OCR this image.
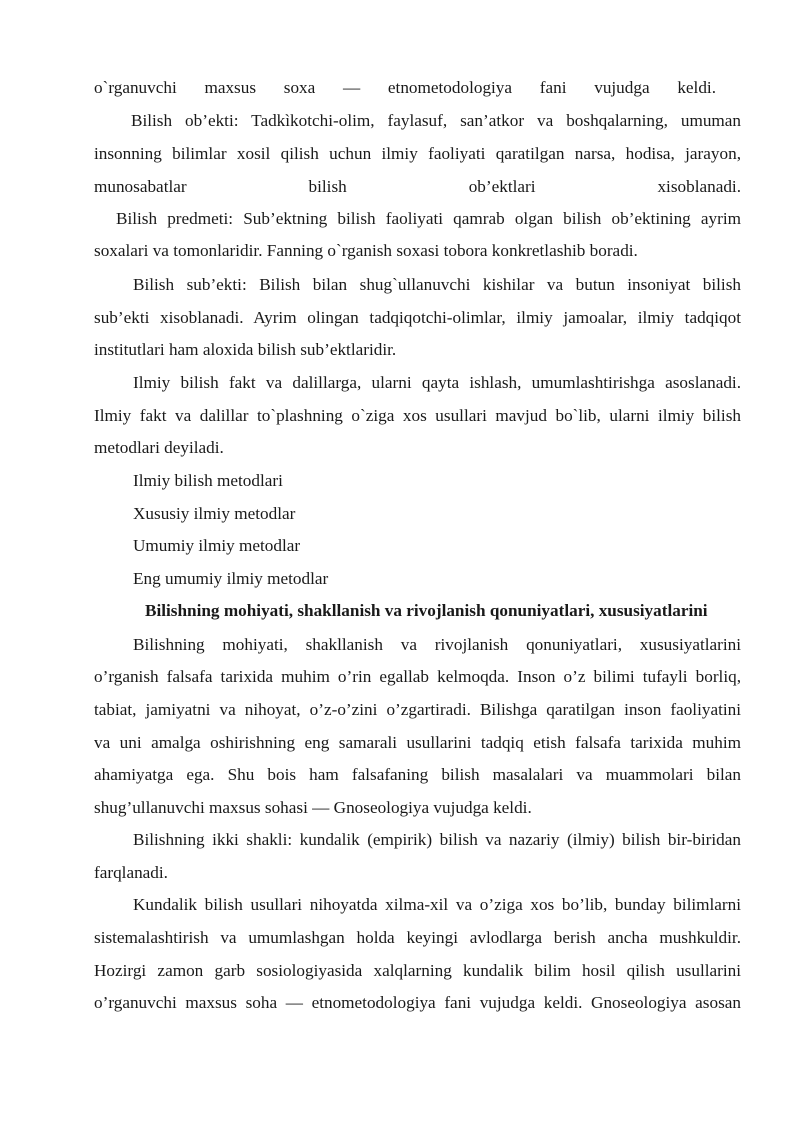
o`rganuvchi maxsus soxa — etnometodologiya fani vujudga keldi.
Bilish ob’ekti: Tadkìkotchi-olim, faylasuf, san’atkor va boshqalarning, umuman
insonning bilimlar xosil qilish uchun ilmiy faoliyati qaratilgan narsa, hodisa, jarayon,
munosabatlar bilish ob’ektlari xisoblanadi.
Bilish predmeti: Sub’ektning bilish faoliyati qamrab olgan bilish ob’ektining ayrim
soxalari va tomonlaridir. Fanning o`rganish soxasi tobora konkretlashib boradi.
Bilish sub’ekti: Bilish bilan shug`ullanuvchi kishilar va butun insoniyat bilish
sub’ekti xisoblanadi. Ayrim olingan tadqiqotchi-olimlar, ilmiy jamoalar, ilmiy tadqiqot
institutlari ham aloxida bilish sub’ektlaridir.
Ilmiy bilish fakt va dalillarga, ularni qayta ishlash, umumlashtirishga asoslanadi.
Ilmiy fakt va dalillar to`plashning o`ziga xos usullari mavjud bo`lib, ularni ilmiy bilish
metodlari deyiladi.
Ilmiy bilish metodlari
Xususiy ilmiy metodlar
Umumiy ilmiy metodlar
Eng umumiy ilmiy metodlar
Bilishning mohiyati, shakllanish va rivojlanish qonuniyatlari, xususiyatlarini
Bilishning mohiyati, shakllanish va rivojlanish qonuniyatlari, xususiyatlarini
o’rganish falsafa tarixida muhim o’rin egallab kelmoqda. Inson o’z bilimi tufayli borliq,
tabiat, jamiyatni va nihoyat, o’z-o’zini o’zgartiradi. Bilishga qaratilgan inson faoliyatini
va uni amalga oshirishning eng samarali usullarini tadqiq etish falsafa tarixida muhim
ahamiyatga ega. Shu bois ham falsafaning bilish masalalari va muammolari bilan
shug’ullanuvchi maxsus sohasi — Gnoseologiya vujudga keldi.
Bilishning ikki shakli: kundalik (empirik) bilish va nazariy (ilmiy) bilish bir-biridan
farqlanadi.
Kundalik bilish usullari nihoyatda xilma-xil va o’ziga xos bo’lib, bunday bilimlarni
sistemalashtirish va umumlashgan holda keyingi avlodlarga berish ancha mushkuldir.
Hozirgi zamon garb sosiologiyasida xalqlarning kundalik bilim hosil qilish usullarini
o’rganuvchi maxsus soha — etnometodologiya fani vujudga keldi. Gnoseologiya asosan
